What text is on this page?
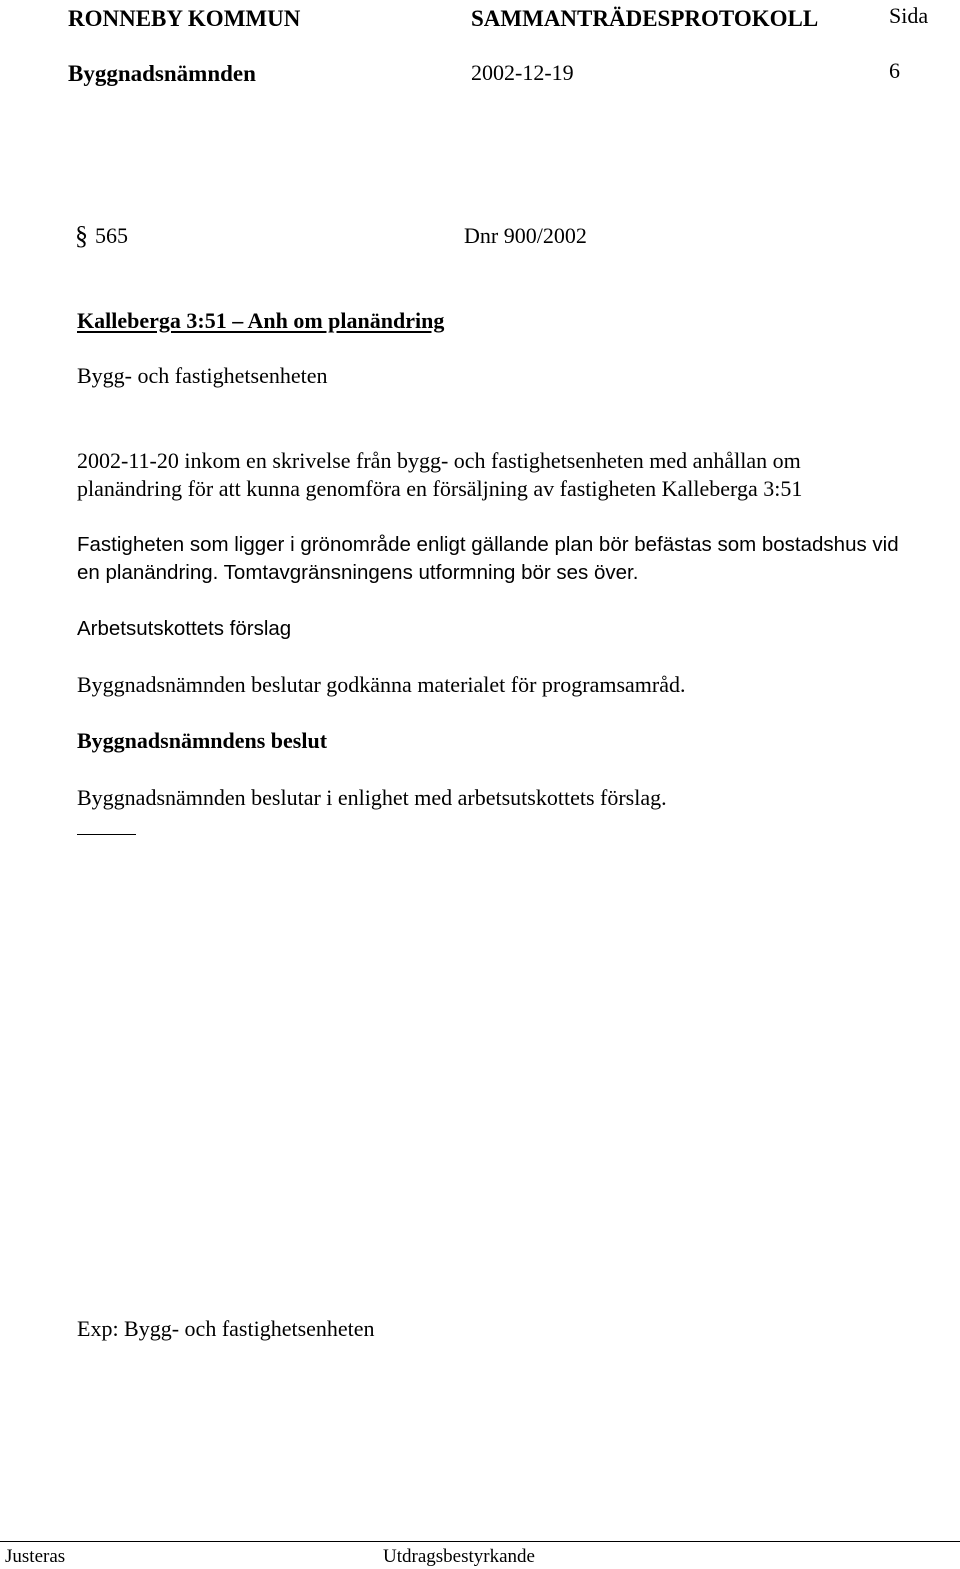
RONNEBY KOMMUN	SAMMANTRÄDESPROTOKOLL	Sida
Byggnadsnämnden	2002-12-19	6
§ 565	Dnr 900/2002
Kalleberga 3:51 – Anh om planändring
Bygg- och fastighetsenheten
2002-11-20 inkom en skrivelse från bygg- och fastighetsenheten med anhållan om
planändring för att kunna genomföra en försäljning av fastigheten Kalleberga 3:51
Fastigheten som ligger i grönområde enligt gällande plan bör befästas som bostadshus vid
en planändring. Tomtavgränsningens utformning bör ses över.
Arbetsutskottets förslag
Byggnadsnämnden beslutar godkänna materialet för programsamråd.
Byggnadsnämndens beslut
Byggnadsnämnden beslutar i enlighet med arbetsutskottets förslag.
Exp: Bygg- och fastighetsenheten
Justeras	Utdragsbestyrkande
